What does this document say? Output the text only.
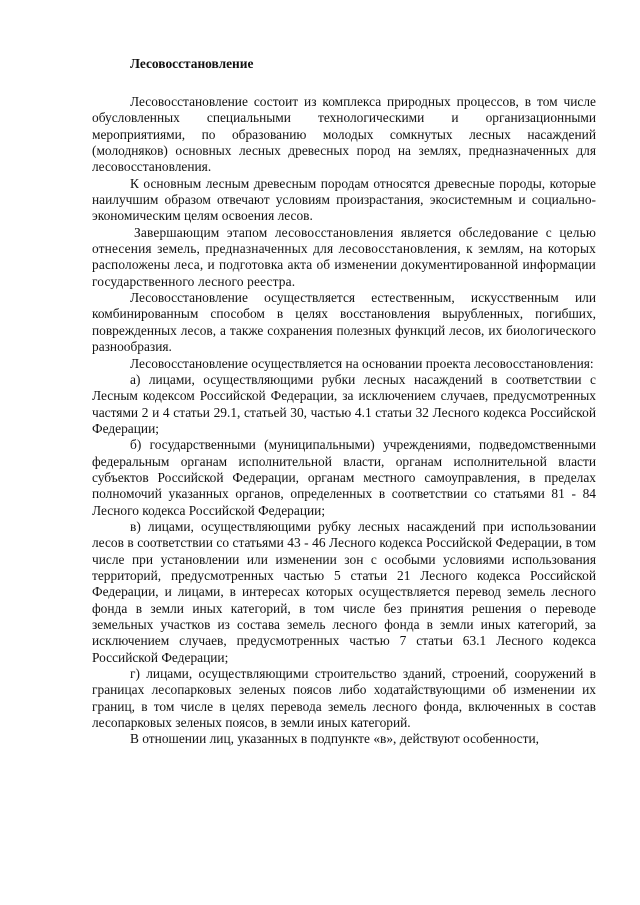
Лесовосстановление

Лесовосстановление состоит из комплекса природных процессов, в том числе обусловленных специальными технологическими и организационными мероприятиями, по образованию молодых сомкнутых лесных насаждений (молодняков) основных лесных древесных пород на землях, предназначенных для лесовосстановления.

К основным лесным древесным породам относятся древесные породы, которые наилучшим образом отвечают условиям произрастания, экосистемным и социально-экономическим целям освоения лесов.

Завершающим этапом лесовосстановления является обследование с целью отнесения земель, предназначенных для лесовосстановления, к землям, на которых расположены леса, и подготовка акта об изменении документированной информации государственного лесного реестра.

Лесовосстановление осуществляется естественным, искусственным или комбинированным способом в целях восстановления вырубленных, погибших, поврежденных лесов, а также сохранения полезных функций лесов, их биологического разнообразия.

Лесовосстановление осуществляется на основании проекта лесовосстановления:

а) лицами, осуществляющими рубки лесных насаждений в соответствии с Лесным кодексом Российской Федерации, за исключением случаев, предусмотренных частями 2 и 4 статьи 29.1, статьей 30, частью 4.1 статьи 32 Лесного кодекса Российской Федерации;

б) государственными (муниципальными) учреждениями, подведомственными федеральным органам исполнительной власти, органам исполнительной власти субъектов Российской Федерации, органам местного самоуправления, в пределах полномочий указанных органов, определенных в соответствии со статьями 81 - 84 Лесного кодекса Российской Федерации;

в) лицами, осуществляющими рубку лесных насаждений при использовании лесов в соответствии со статьями 43 - 46 Лесного кодекса Российской Федерации, в том числе при установлении или изменении зон с особыми условиями использования территорий, предусмотренных частью 5 статьи 21 Лесного кодекса Российской Федерации, и лицами, в интересах которых осуществляется перевод земель лесного фонда в земли иных категорий, в том числе без принятия решения о переводе земельных участков из состава земель лесного фонда в земли иных категорий, за исключением случаев, предусмотренных частью 7 статьи 63.1 Лесного кодекса Российской Федерации;

г) лицами, осуществляющими строительство зданий, строений, сооружений в границах лесопарковых зеленых поясов либо ходатайствующими об изменении их границ, в том числе в целях перевода земель лесного фонда, включенных в состав лесопарковых зеленых поясов, в земли иных категорий.

В отношении лиц, указанных в подпункте «в», действуют особенности,
